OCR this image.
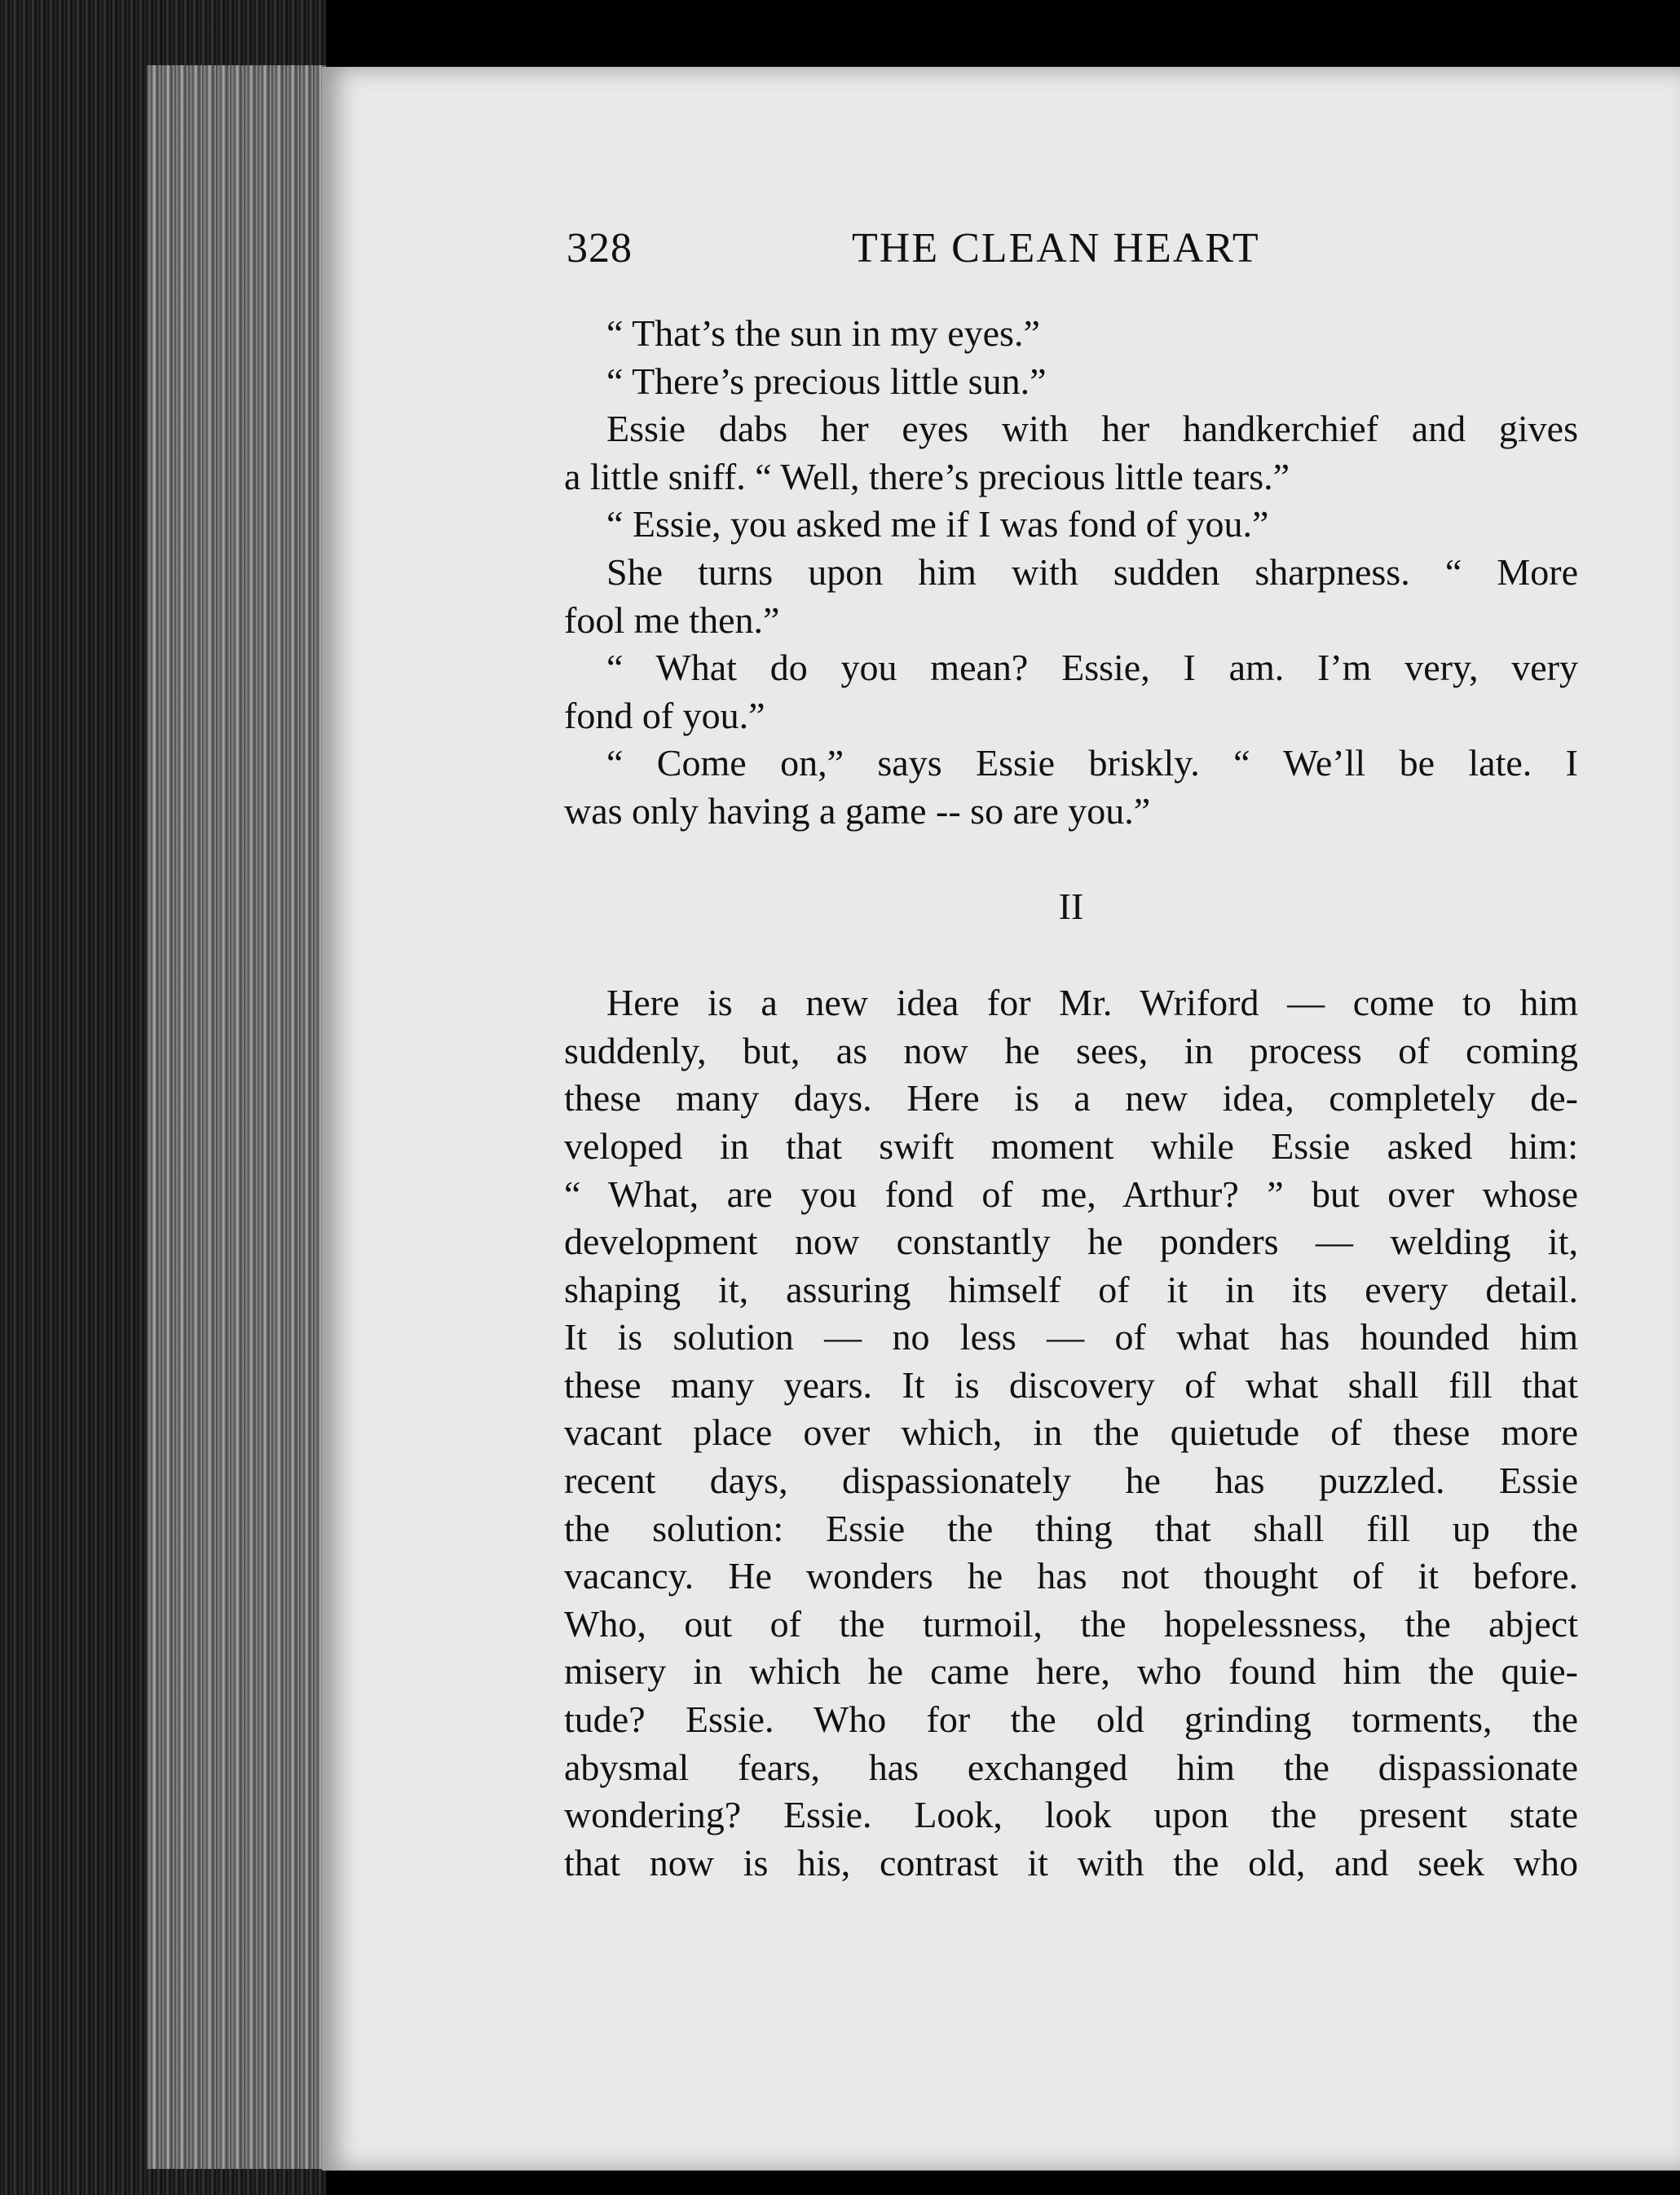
328	THE CLEAN HEART
“ That’s the sun in my eyes.”
“ There’s precious little sun.”
Essie dabs her eyes with her handkerchief and gives
a little sniff. “ Well, there’s precious little tears.”
“ Essie, you asked me if I was fond of you.”
She turns upon him with sudden sharpness. “ More
fool me then.”
“ What do you mean? Essie, I am. I’m very, very
fond of you.”
“ Come on,” says Essie briskly. “ We’ll be late. I
was only having a game -- so are you.”
II
Here is a new idea for Mr. Wriford — come to him
suddenly, but, as now he sees, in process of coming
these many days. Here is a new idea, completely de-
veloped in that swift moment while Essie asked him:
“ What, are you fond of me, Arthur? ” but over whose
development now constantly he ponders — welding it,
shaping it, assuring himself of it in its every detail.
It is solution — no less — of what has hounded him
these many years. It is discovery of what shall fill that
vacant place over which, in the quietude of these more
recent days, dispassionately he has puzzled. Essie
the solution: Essie the thing that shall fill up the
vacancy. He wonders he has not thought of it before.
Who, out of the turmoil, the hopelessness, the abject
misery in which he came here, who found him the quie-
tude? Essie. Who for the old grinding torments, the
abysmal fears, has exchanged him the dispassionate
wondering? Essie. Look, look upon the present state
that now is his, contrast it with the old, and seek who
